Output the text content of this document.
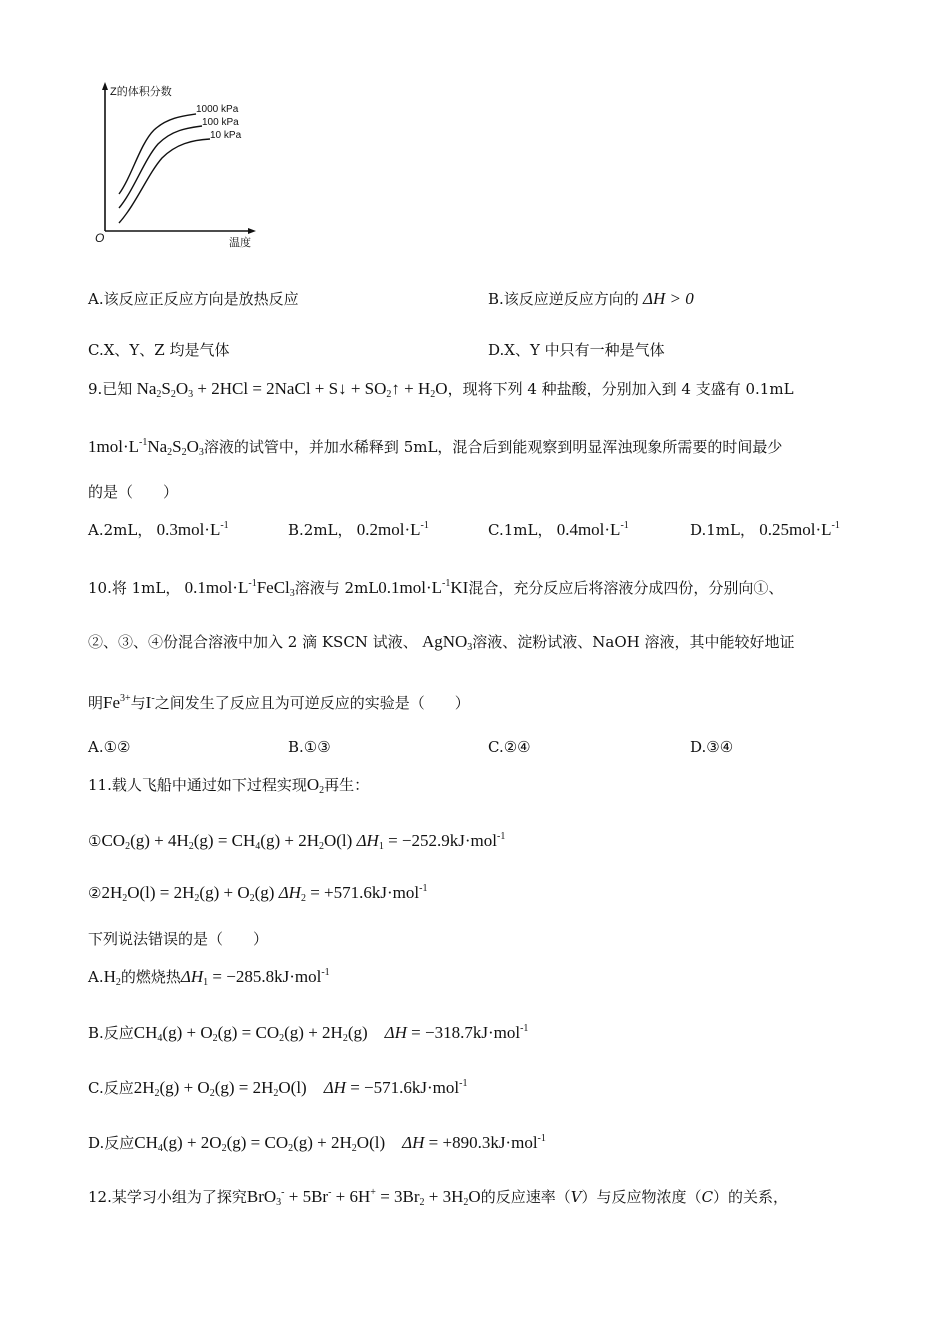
Z的体积分数
温度
O
1000 kPa
100 kPa
10 kPa
A.该反应正反应方向是放热反应	B.该反应逆反应方向的 ΔH > 0
C.X、Y、Z 均是气体	D.X、Y 中只有一种是气体
9.已知 $Na_2S_2O_3 + 2HCl$ = 2NaCl + S↓ + $SO_2↑ + H_2O$，现将下列 4 种盐酸，分别加入到 4 支盛有 0.1mL
$1mol\cdot L^{-1}Na_2S_2O_3$溶液的试管中，并加水稀释到 5mL，混合后到能观察到明显浑浊现象所需要的时间最少
的是（　　）
A.2mL， $0.3mol\cdot L^{-1}$	B.2mL， $0.2mol\cdot L^{-1}$	C.1mL， $0.4mol\cdot L^{-1}$	D.1mL， $0.25mol\cdot L^{-1}$
10.将 1mL， $0.1mol\cdot L^{-1}FeCl_3$溶液与 $2mL0.1mol\cdot L^{-1}KI$混合，充分反应后将溶液分成四份，分别向①、
②、③、④份混合溶液中加入 2 滴 KSCN 试液、 AgNO$_3$溶液、淀粉试液、NaOH 溶液，其中能较好地证
明$Fe^{3+}$与I-之间发生了反应且为可逆反应的实验是（　　）
A.①②	B.①③	C.②④	D.③④
11.载人飞船中通过如下过程实现$O_2$再生：
$①CO_2(g) + 4H_2(g) = CH_4(g) + 2H_2O(l) \Delta H_1 = -252.9kJ\cdot mol^{-1}$
$②2H_2O(l) = 2H_2(g) + O_2(g) \Delta H_2 = +571.6kJ\cdot mol^{-1}$
下列说法错误的是（　　）
$A.H_2$的燃烧热$\Delta H_1 = -285.8kJ\cdot mol^{-1}$
B.反应$CH_4(g) + O_2(g) = CO_2(g) + 2H_2(g)$　ΔH = −318.7kJ·mol$^{-1}$
C.反应$2H_2(g) + O_2(g) = 2H_2O(l)$　ΔH = −571.6kJ·mol$^{-1}$
D.反应$CH_4(g) + 2O_2(g) = CO_2(g) + 2H_2O(l)$　ΔH = +890.3kJ·mol$^{-1}$
12.某学习小组为了探究$BrO_3^- + 5Br^- + 6H^+ = 3Br_2 + 3H_2O$的反应速率（V）与反应物浓度（C）的关系，
